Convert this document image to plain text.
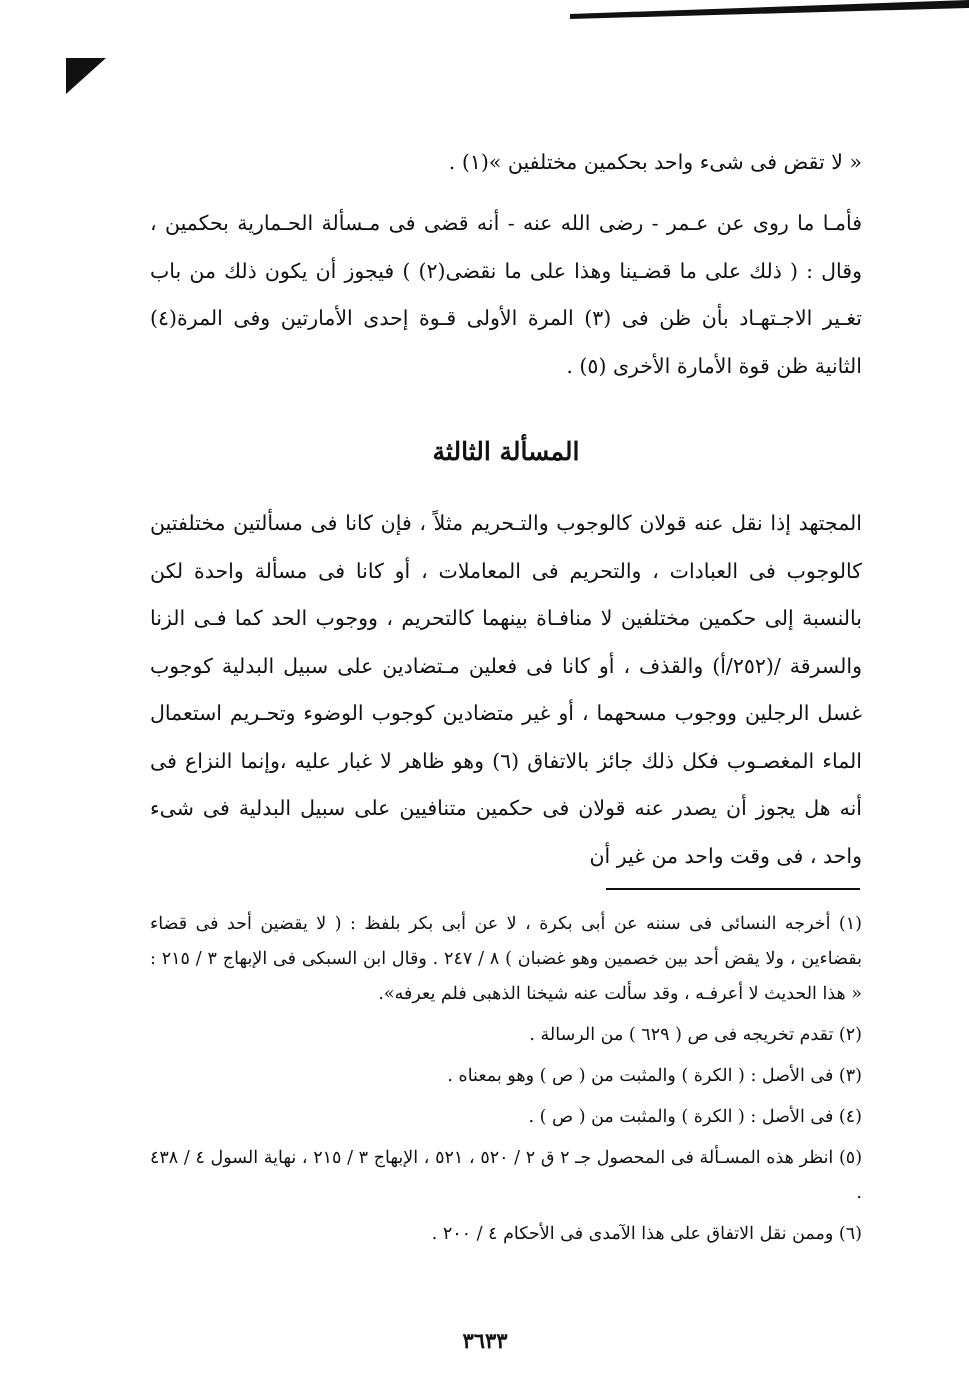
« لا تقض فى شىء واحد بحكمين مختلفين »(١) .

فأمـا ما روى عن عـمر - رضى الله عنه - أنه قضى فى مـسألة الحـمارية بحكمين ، وقال : ( ذلك على ما قضـينا وهذا على ما نقضى(٢) ) فيجوز أن يكون ذلك من باب تغـير الاجـتهـاد بأن ظن فى (٣) المرة الأولى قـوة إحدى الأمارتين وفى المرة(٤) الثانية ظن قوة الأمارة الأخرى (٥) .

المسألة الثالثة

المجتهد إذا نقل عنه قولان كالوجوب والتـحريم مثلاً ، فإن كانا فى مسألتين مختلفتين كالوجوب فى العبادات ، والتحريم فى المعاملات ، أو كانا فى مسألة واحدة لكن بالنسبة إلى حكمين مختلفين لا منافـاة بينهما كالتحريم ، ووجوب الحد كما فـى الزنا والسرقة /(٢٥٢/أ) والقذف ، أو كانا فى فعلين مـتضادين على سبيل البدلية كوجوب غسل الرجلين ووجوب مسحهما ، أو غير متضادين كوجوب الوضوء وتحـريم استعمال الماء المغصـوب فكل ذلك جائز بالاتفاق (٦) وهو ظاهر لا غبار عليه ،وإنما النزاع فى أنه هل يجوز أن يصدر عنه قولان فى حكمين متنافيين على سبيل البدلية فى شىء واحد ، فى وقت واحد من غير أن

(١) أخرجه النسائى فى سننه عن أبى بكرة ، لا عن أبى بكر بلفظ : ( لا يقضين أحد فى قضاء بقضاءين ، ولا يقض أحد بين خصمين وهو غضبان ) ٨ / ٢٤٧ . وقال ابن السبكى فى الإبهاج ٣ / ٢١٥ : « هذا الحديث لا أعرفـه ، وقد سألت عنه شيخنا الذهبى فلم يعرفه».
(٢) تقدم تخريجه فى ص ( ٦٢٩ ) من الرسالة .
(٣) فى الأصل : ( الكرة ) والمثبت من ( ص ) وهو بمعناه .
(٤) فى الأصل : ( الكرة ) والمثبت من ( ص ) .
(٥) انظر هذه المسـألة فى المحصول جـ ٢ ق ٢ / ٥٢٠ ، ٥٢١ ، الإبهاج ٣ / ٢١٥ ، نهاية السول ٤ / ٤٣٨ .
(٦) وممن نقل الاتفاق على هذا الآمدى فى الأحكام ٤ / ٢٠٠ .

٣٦٣٣
